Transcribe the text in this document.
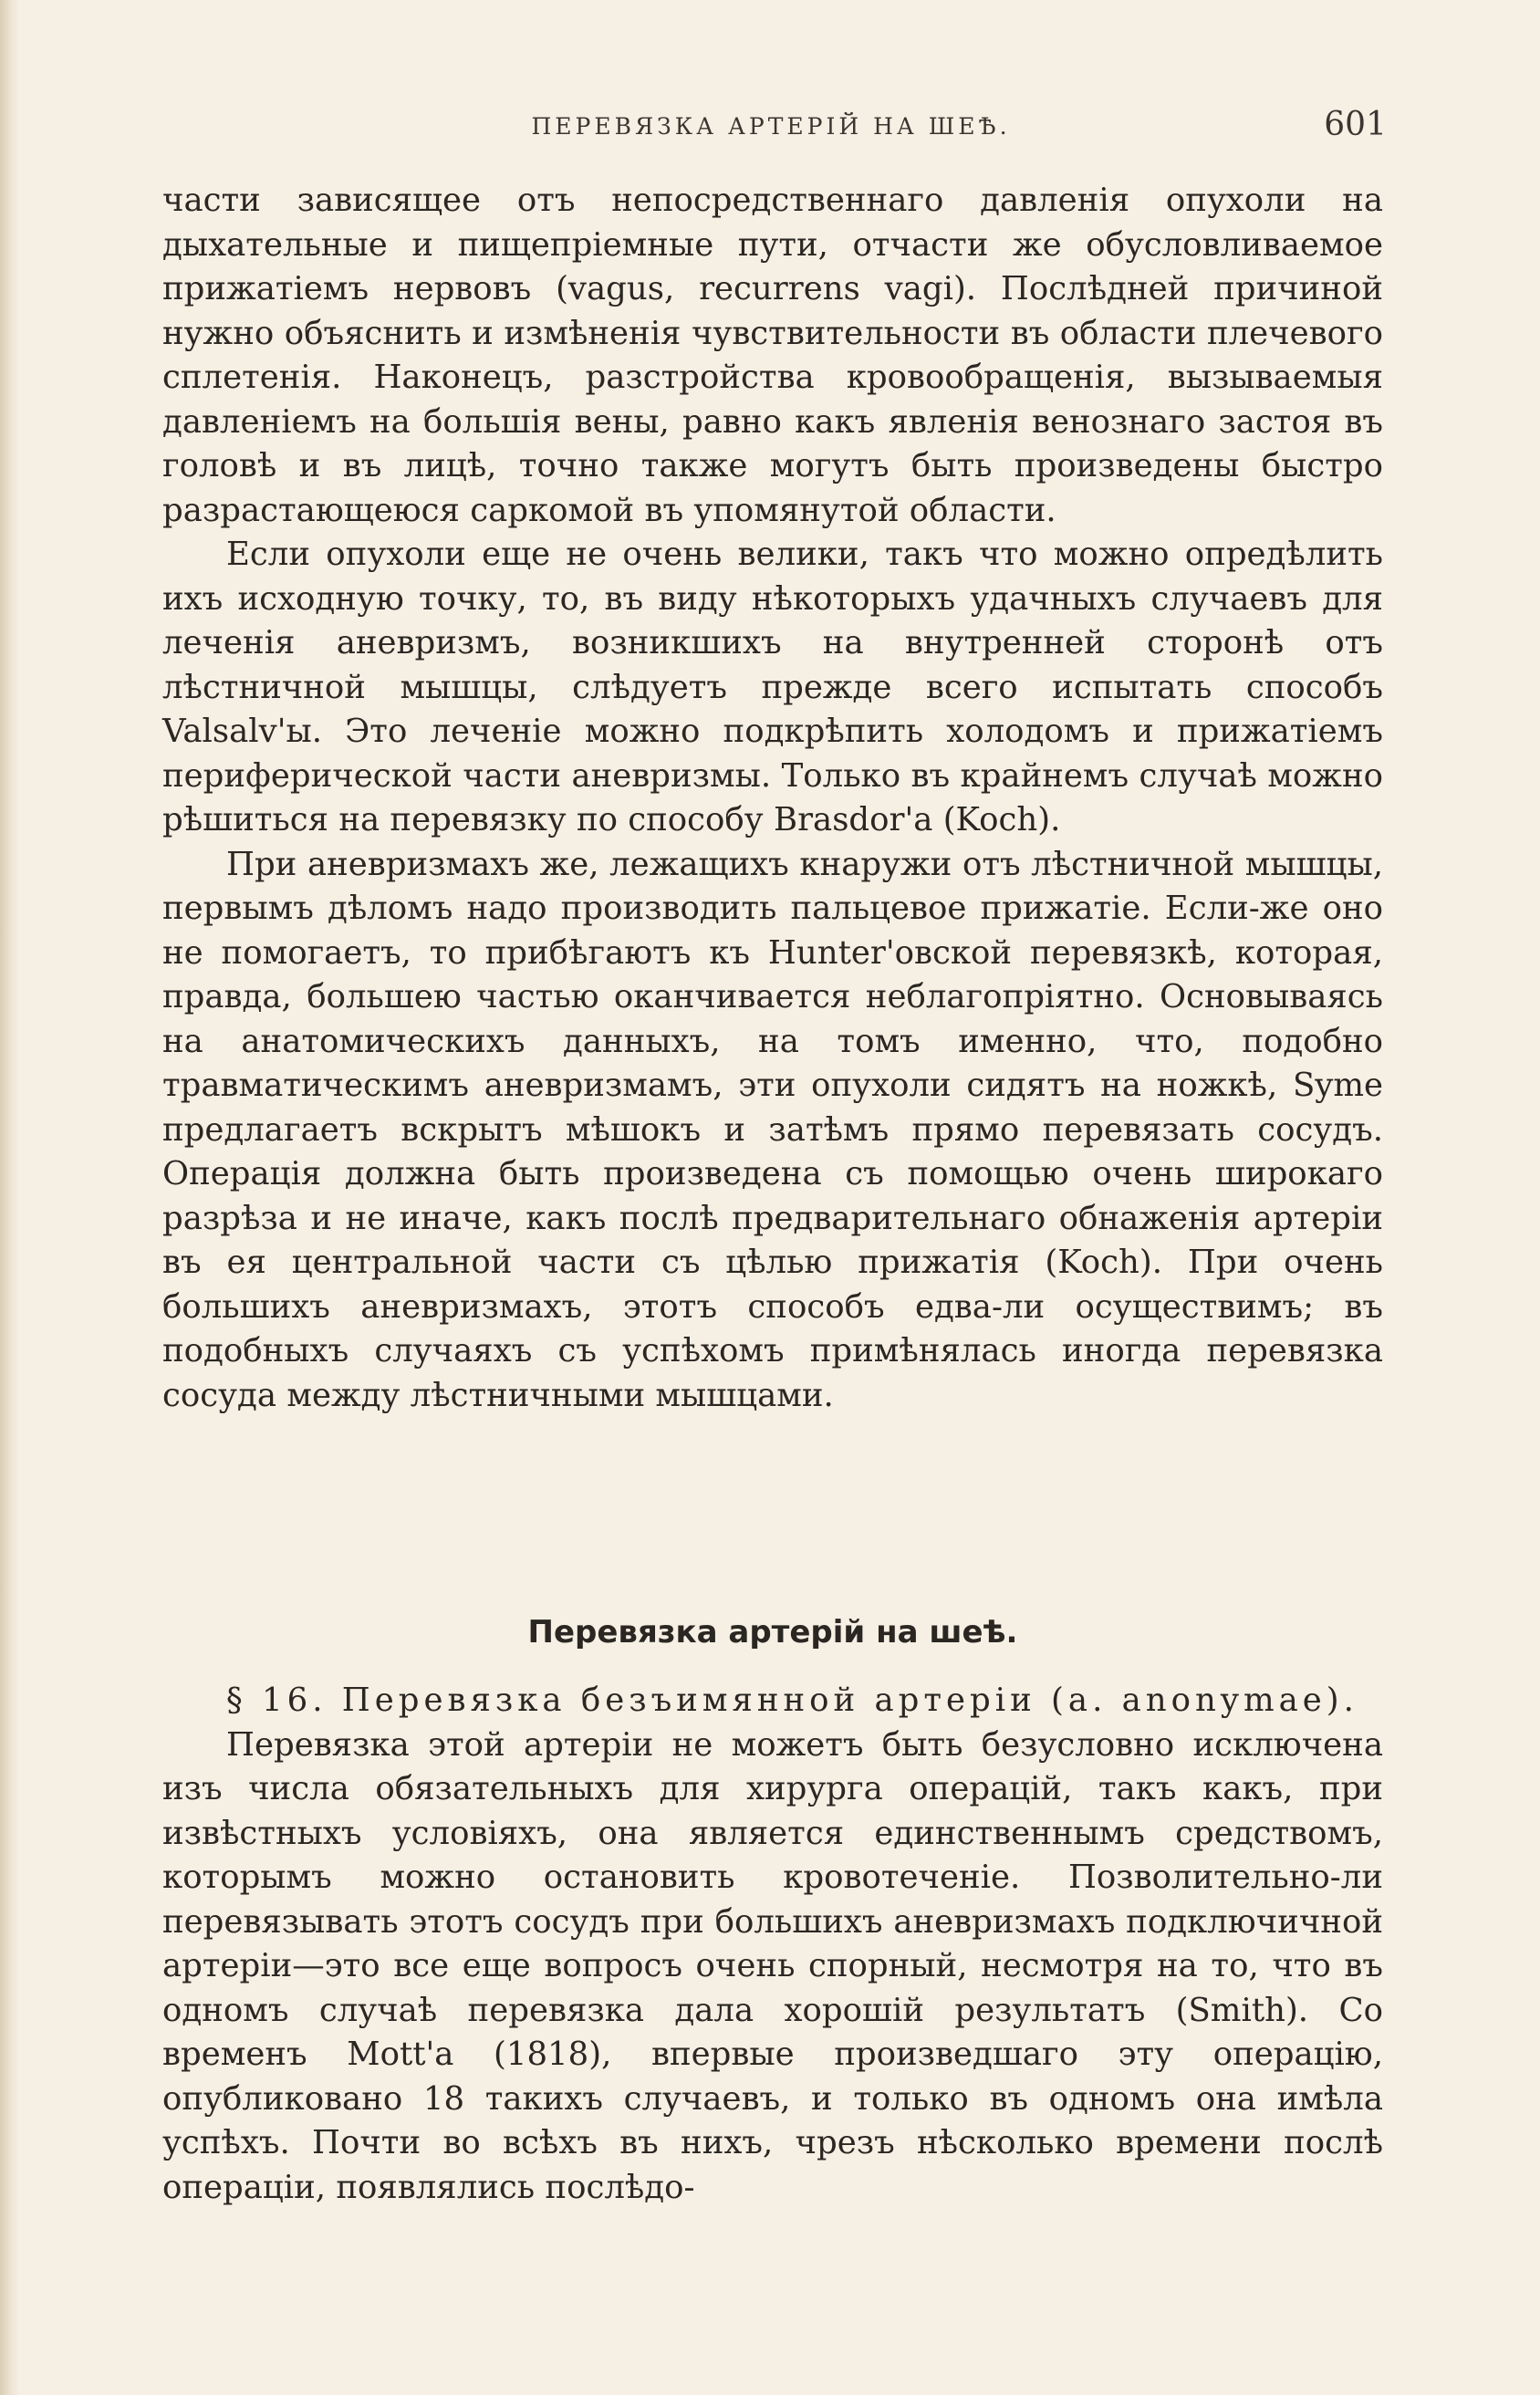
ПЕРЕВЯЗКА АРТЕРІЙ НА ШЕѢ.	601

части зависящее отъ непосредственнаго давленія опухоли на дыхательные и пищепріемные пути, отчасти же обусловливаемое прижатіемъ нервовъ (vagus, recurrens vagi). Послѣдней причиной нужно объяснить и измѣненія чувствительности въ области плечевого сплетенія. Наконецъ, разстройства кровообращенія, вызываемыя давленіемъ на большія вены, равно какъ явленія венознаго застоя въ головѣ и въ лицѣ, точно также могутъ быть произведены быстро разрастающеюся саркомой въ упомянутой области.

Если опухоли еще не очень велики, такъ что можно опредѣлить ихъ исходную точку, то, въ виду нѣкоторыхъ удачныхъ случаевъ для леченія аневризмъ, возникшихъ на внутренней сторонѣ отъ лѣстничной мышцы, слѣдуетъ прежде всего испытать способъ Valsalv'ы. Это леченіе можно подкрѣпить холодомъ и прижатіемъ периферической части аневризмы. Только въ крайнемъ случаѣ можно рѣшиться на перевязку по способу Brasdor'а (Koch).

При аневризмахъ же, лежащихъ кнаружи отъ лѣстничной мышцы, первымъ дѣломъ надо производить пальцевое прижатіе. Если-же оно не помогаетъ, то прибѣгаютъ къ Hunter'овской перевязкѣ, которая, правда, большею частью оканчивается неблагопріятно. Основываясь на анатомическихъ данныхъ, на томъ именно, что, подобно травматическимъ аневризмамъ, эти опухоли сидятъ на ножкѣ, Syme предлагаетъ вскрытъ мѣшокъ и затѣмъ прямо перевязать сосудъ. Операція должна быть произведена съ помощью очень широкаго разрѣза и не иначе, какъ послѣ предварительнаго обнаженія артеріи въ ея центральной части съ цѣлью прижатія (Koch). При очень большихъ аневризмахъ, этотъ способъ едва-ли осуществимъ; въ подобныхъ случаяхъ съ успѣхомъ примѣнялась иногда перевязка сосуда между лѣстничными мышцами.

Перевязка артерій на шеѣ.

§ 16. Перевязка безъимянной артеріи (a. anonymae).

Перевязка этой артеріи не можетъ быть безусловно исключена изъ числа обязательныхъ для хирурга операцій, такъ какъ, при извѣстныхъ условіяхъ, она является единственнымъ средствомъ, которымъ можно остановить кровотеченіе. Позволительно-ли перевязывать этотъ сосудъ при большихъ аневризмахъ подключичной артеріи—это все еще вопросъ очень спорный, несмотря на то, что въ одномъ случаѣ перевязка дала хорошій результатъ (Smith). Со временъ Mott'а (1818), впервые произведшаго эту операцію, опубликовано 18 такихъ случаевъ, и только въ одномъ она имѣла успѣхъ. Почти во всѣхъ въ нихъ, чрезъ нѣсколько времени послѣ операціи, появлялись послѣдо-
